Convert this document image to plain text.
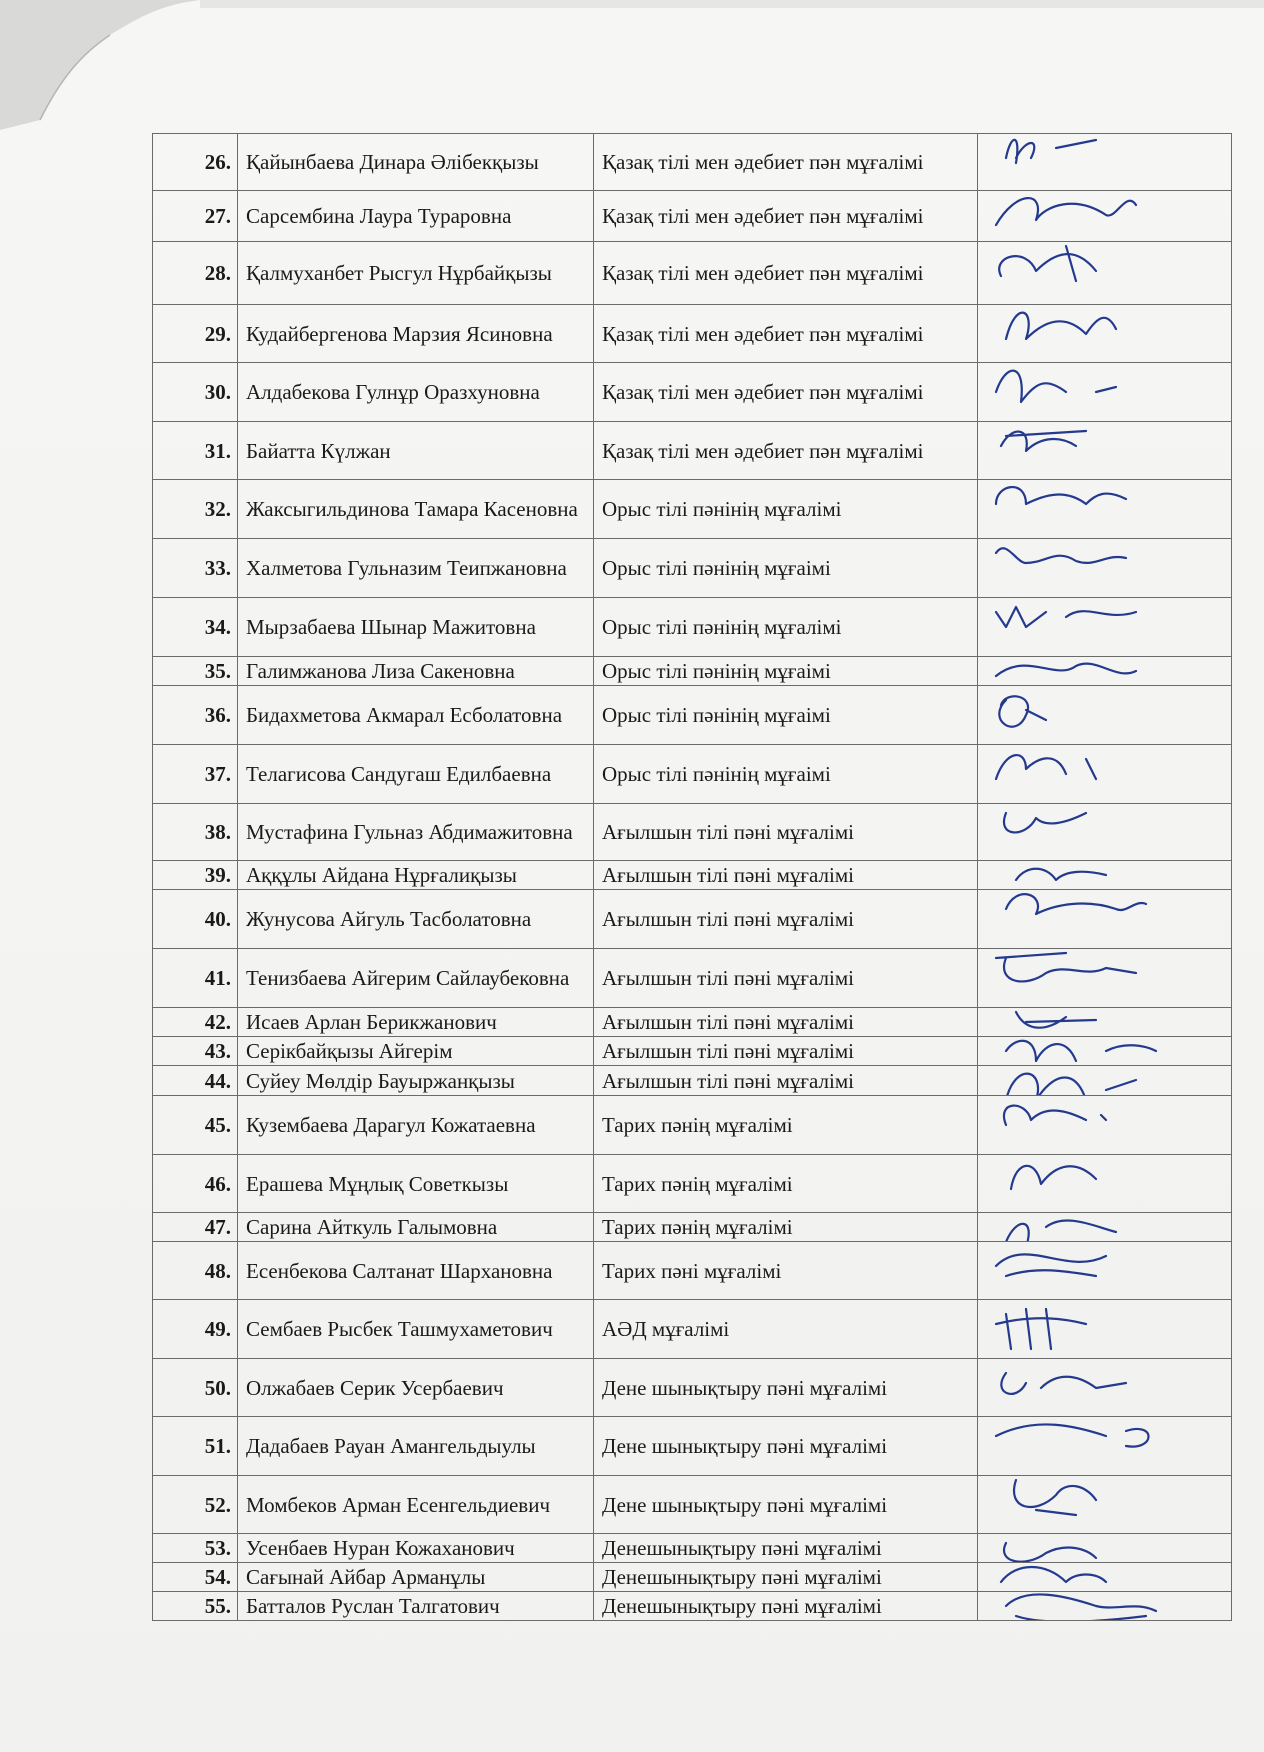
26.	Қайынбаева Динара Әлібекқызы	Қазақ тілі мен әдебиет пән мұғалімі	

27.	Сарсембина Лаура Тураровна	Қазақ тілі мен әдебиет пән мұғалімі	

28.	Қалмуханбет Рысгул Нұрбайқызы	Қазақ тілі мен әдебиет пән мұғалімі	

29.	Кудайбергенова Марзия Ясиновна	Қазақ тілі мен әдебиет пән мұғалімі	

30.	Алдабекова Гулнұр Оразхуновна	Қазақ тілі мен әдебиет пән мұғалімі	

31.	Байатта Күлжан	Қазақ тілі мен әдебиет пән мұғалімі	

32.	Жаксыгильдинова Тамара Касеновна	Орыс тілі пәнінің мұғалімі	

33.	Халметова Гульназим Теипжановна	Орыс тілі пәнінің мұғаімі	

34.	Мырзабаева Шынар Мажитовна	Орыс тілі пәнінің мұғалімі	

35.	Галимжанова Лиза Сакеновна	Орыс тілі пәнінің мұғаімі	

36.	Бидахметова Акмарал Есболатовна	Орыс тілі пәнінің мұғаімі	

37.	Телагисова Сандугаш Едилбаевна	Орыс тілі пәнінің мұғаімі	

38.	Мустафина Гульназ Абдимажитовна	Ағылшын тілі пәні мұғалімі	

39.	Аққұлы Айдана Нұрғалиқызы	Ағылшын тілі пәні мұғалімі	

40.	Жунусова Айгуль Тасболатовна	Ағылшын тілі пәні мұғалімі	

41.	Тенизбаева Айгерим Сайлаубековна	Ағылшын тілі пәні мұғалімі	

42.	Исаев Арлан Берикжанович	Ағылшын тілі пәні мұғалімі	

43.	Серікбайқызы Айгерім	Ағылшын тілі пәні мұғалімі	

44.	Суйеу Мөлдір Бауыржанқызы	Ағылшын тілі пәні мұғалімі	

45.	Кузембаева Дарагул Кожатаевна	Тарих пәнің мұғалімі	

46.	Ерашева Мұңлық Советкызы	Тарих пәнің мұғалімі	

47.	Сарина Айткуль Галымовна	Тарих пәнің мұғалімі	

48.	Есенбекова Салтанат Шархановна	Тарих пәні мұғалімі	

49.	Сембаев Рысбек Ташмухаметович	АӘД мұғалімі	

50.	Олжабаев Серик Усербаевич	Дене шынықтыру пәні мұғалімі	

51.	Дадабаев Рауан Амангельдыулы	Дене шынықтыру пәні мұғалімі	

52.	Момбеков Арман Есенгельдиевич	Дене шынықтыру пәні мұғалімі	

53.	Усенбаев Нуран Кожаханович	Денешынықтыру пәні мұғалімі	

54.	Сағынай Айбар Арманұлы	Денешынықтыру пәні мұғалімі	

55.	Батталов Руслан Талгатович	Денешынықтыру пәні мұғалімі	
